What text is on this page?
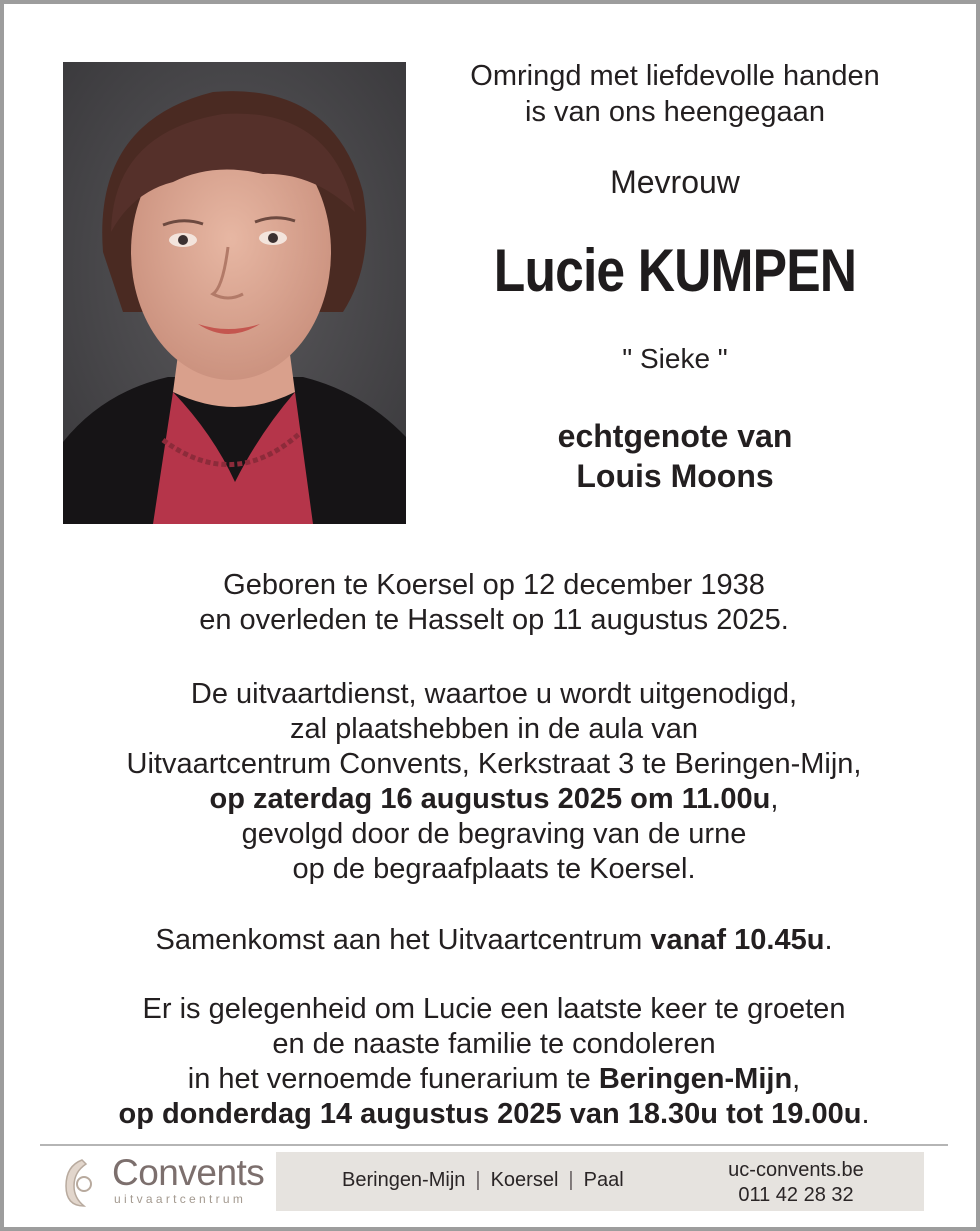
Omringd met liefdevolle handen
is van ons heengegaan
Mevrouw
Lucie KUMPEN
" Sieke "
echtgenote van
Louis Moons
Geboren te Koersel op 12 december 1938
en overleden te Hasselt op 11 augustus 2025.
De uitvaartdienst, waartoe u wordt uitgenodigd,
zal plaatshebben in de aula van
Uitvaartcentrum Convents, Kerkstraat 3 te Beringen-Mijn,
op zaterdag 16 augustus 2025 om 11.00u,
gevolgd door de begraving van de urne
op de begraafplaats te Koersel.
Samenkomst aan het Uitvaartcentrum vanaf 10.45u.
Er is gelegenheid om Lucie een laatste keer te groeten
en de naaste familie te condoleren
in het vernoemde funerarium te Beringen-Mijn,
op donderdag 14 augustus 2025 van 18.30u tot 19.00u.
Convents
uitvaartcentrum
Beringen-Mijn | Koersel | Paal	uc-convents.be
011 42 28 32
